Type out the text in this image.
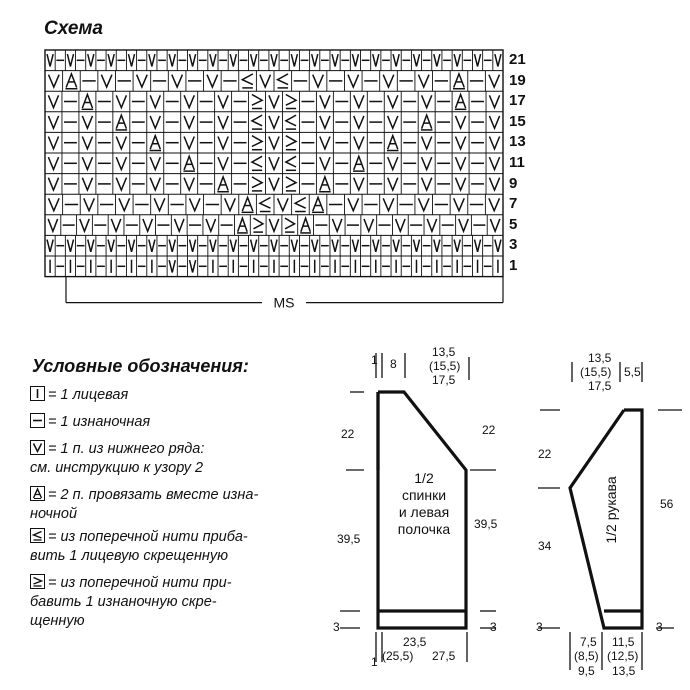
Схема
MS
21
19
17
15
13
11
9
7
5
3
1
Условные обозначения:
= 1 лицевая
= 1 изнаночная
= 1 п. из нижнего ряда:
см. инструкцию к узору 2
= 2 п. провязать вместе изна-
ночной
= из поперечной нити приба-
вить 1 лицевую скрещенную
= из поперечной нити при-
бавить 1 изнаночную скре-
щенную
1 8
13,5
(15,5)
17,5
22
39,5
3
22
39,5
3
23,5
(25,5) 27,5
1
1/2
спинки
и левая
полочка
13,5
(15,5)
17,5
5,5
22
34
3
56
3
7,5
(8,5)
9,5
11,5
(12,5)
13,5
1/2 рукава
